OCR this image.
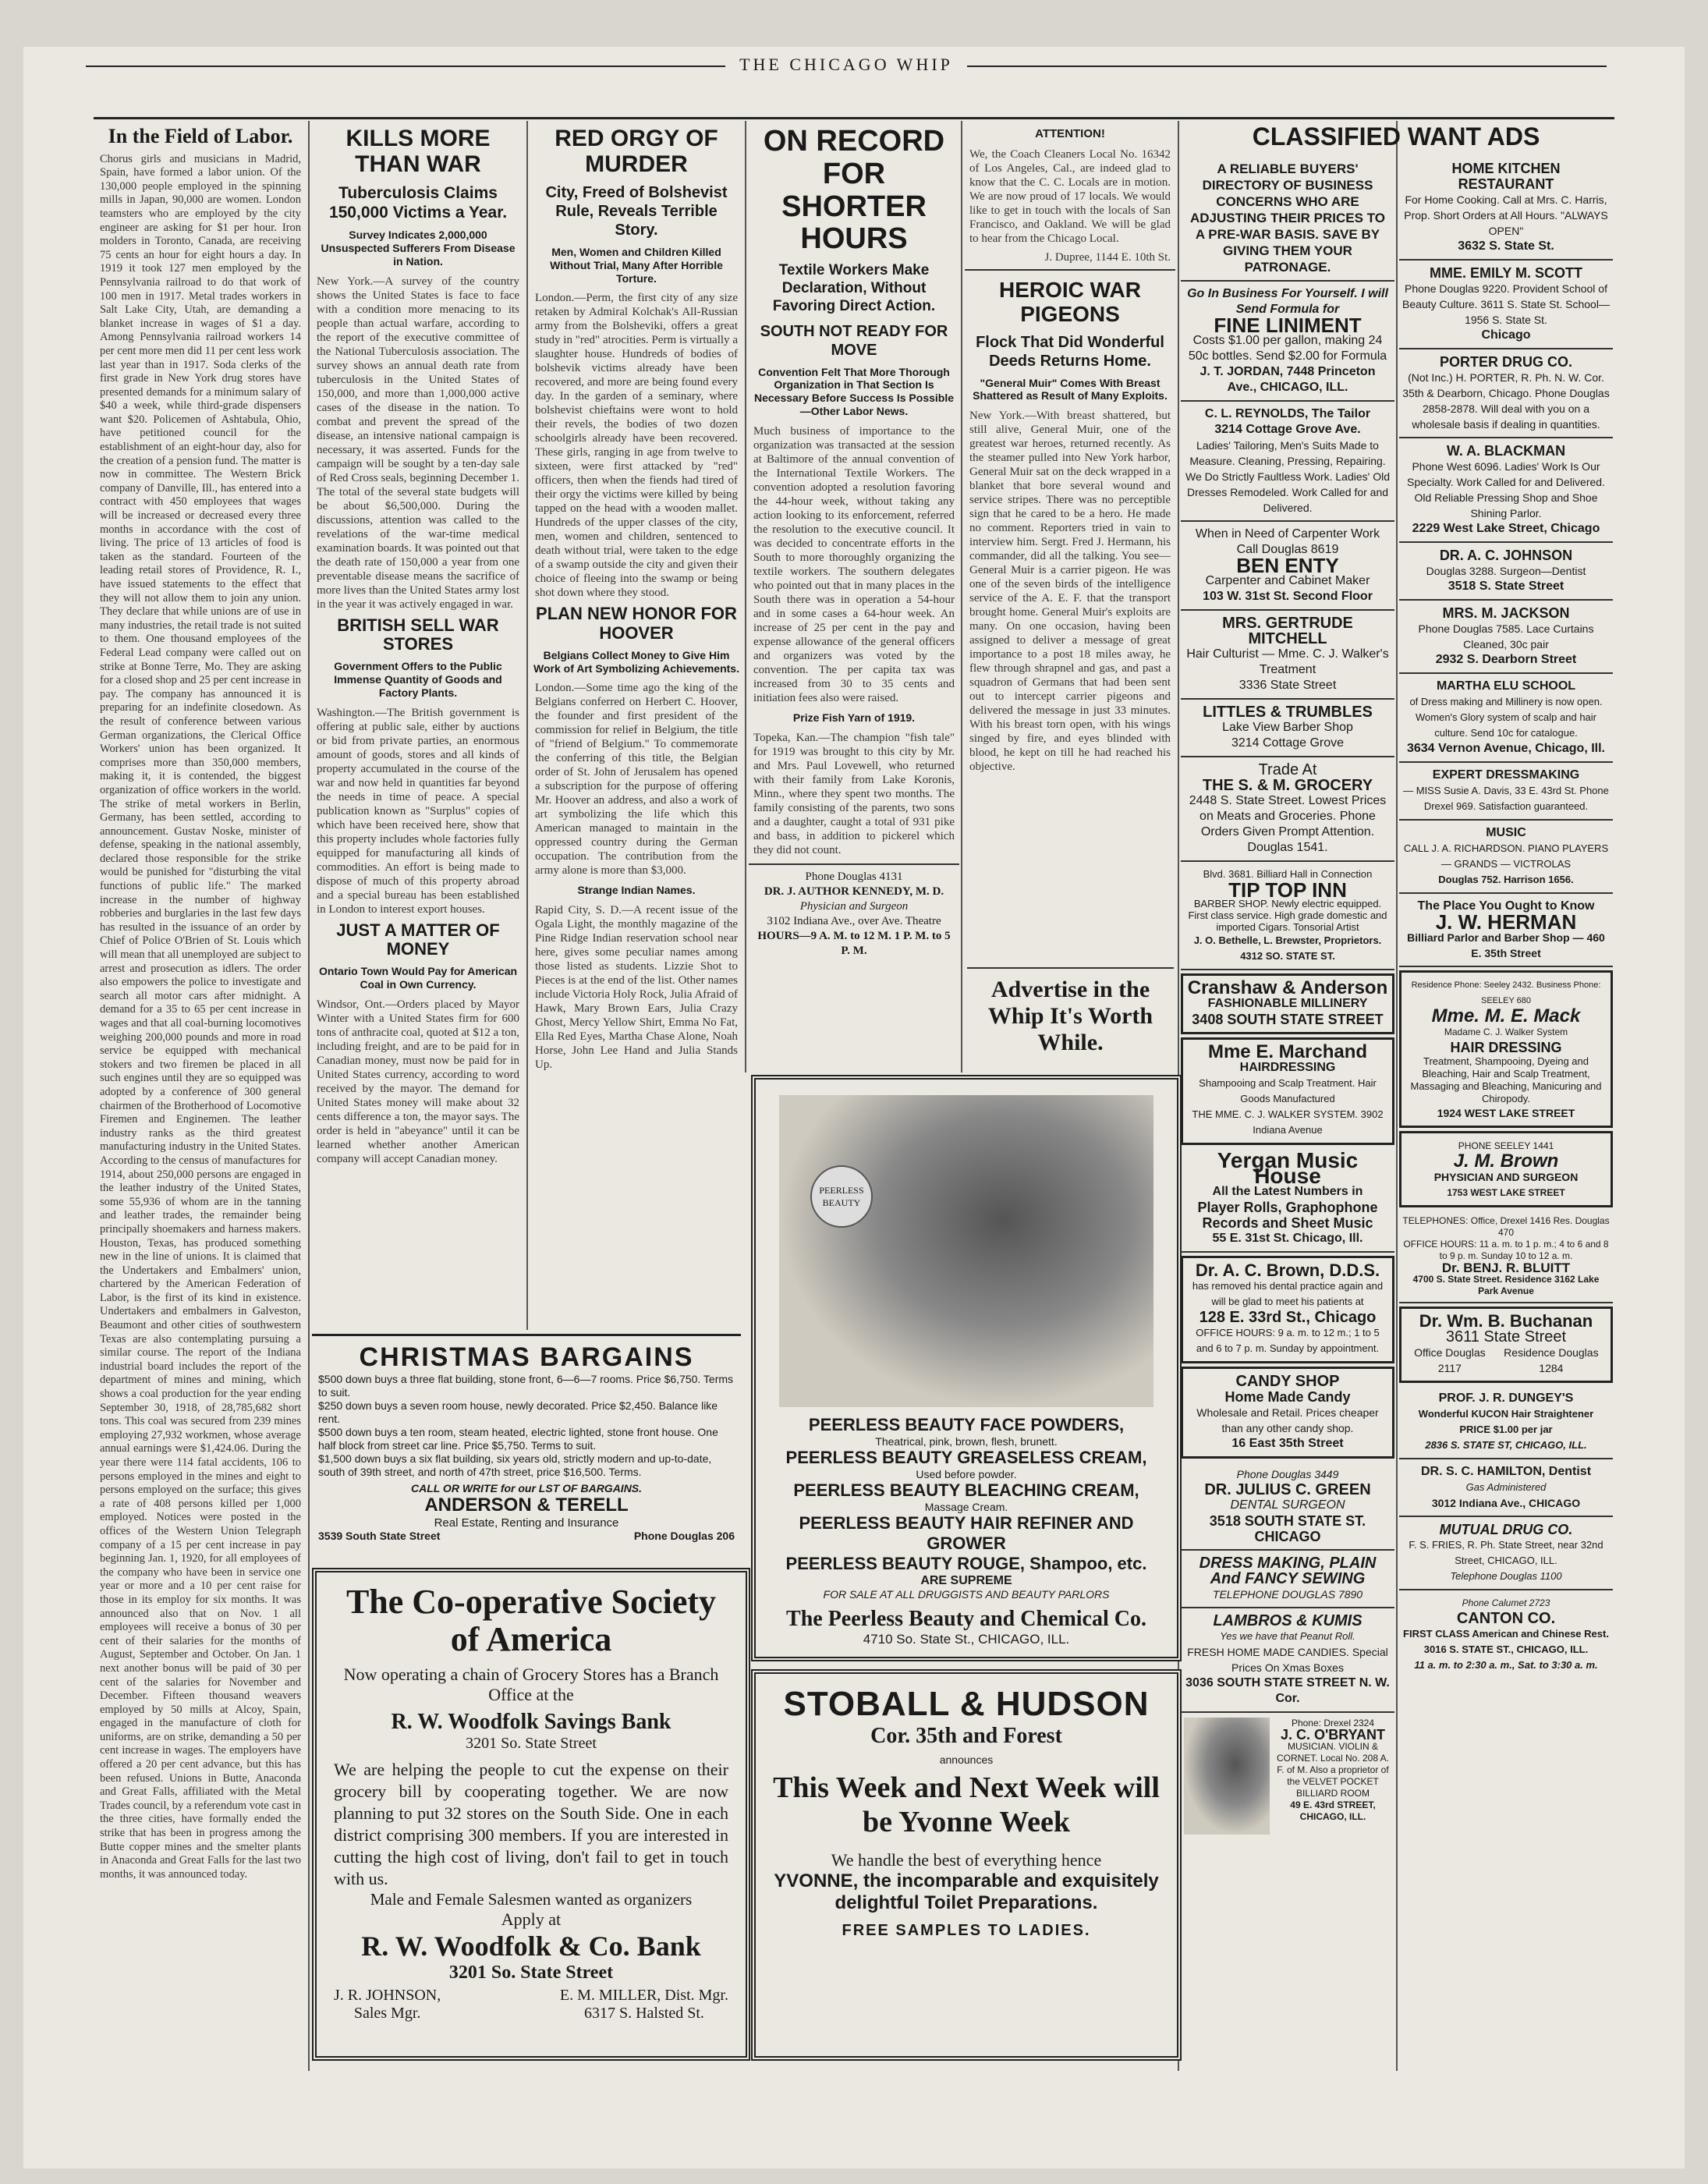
THE CHICAGO WHIP
In the Field of Labor.
Chorus girls and musicians in Madrid, Spain, have formed a labor union. Of the 130,000 people employed in the spinning mills in Japan, 90,000 are women. London teamsters who are employed by the city engineer are asking for $1 per hour. Iron molders in Toronto, Canada, are receiving 75 cents an hour for eight hours a day. In 1919 it took 127 men employed by the Pennsylvania railroad to do that work of 100 men in 1917. Metal trades workers in Salt Lake City, Utah, are demanding a blanket increase in wages of $1 a day. Among Pennsylvania railroad workers 14 per cent more men did 11 per cent less work last year than in 1917. Soda clerks of the first grade in New York drug stores have presented demands for a minimum salary of $40 a week, while third-grade dispensers want $20. Policemen of Ashtabula, Ohio, have petitioned council for the establishment of an eight-hour day, also for the creation of a pension fund. The matter is now in committee. The Western Brick company of Danville, Ill., has entered into a contract with 450 employees that wages will be increased or decreased every three months in accordance with the cost of living. The price of 13 articles of food is taken as the standard. Fourteen of the leading retail stores of Providence, R. I., have issued statements to the effect that they will not allow them to join any union. They declare that while unions are of use in many industries, the retail trade is not suited to them. One thousand employees of the Federal Lead company were called out on strike at Bonne Terre, Mo. They are asking for a closed shop and 25 per cent increase in pay. The company has announced it is preparing for an indefinite closedown. As the result of conference between various German organizations, the Clerical Office Workers' union has been organized. It comprises more than 350,000 members, making it, it is contended, the biggest organization of office workers in the world. The strike of metal workers in Berlin, Germany, has been settled, according to announcement. Gustav Noske, minister of defense, speaking in the national assembly, declared those responsible for the strike would be punished for "disturbing the vital functions of public life." The marked increase in the number of highway robberies and burglaries in the last few days has resulted in the issuance of an order by Chief of Police O'Brien of St. Louis which will mean that all unemployed are subject to arrest and prosecution as idlers. The order also empowers the police to investigate and search all motor cars after midnight. A demand for a 35 to 65 per cent increase in wages and that all coal-burning locomotives weighing 200,000 pounds and more in road service be equipped with mechanical stokers and two firemen be placed in all such engines until they are so equipped was adopted by a conference of 300 general chairmen of the Brotherhood of Locomotive Firemen and Enginemen. The leather industry ranks as the third greatest manufacturing industry in the United States. According to the census of manufactures for 1914, about 250,000 persons are engaged in the leather industry of the United States, some 55,936 of whom are in the tanning and leather trades, the remainder being principally shoemakers and harness makers. Houston, Texas, has produced something new in the line of unions. It is claimed that the Undertakers and Embalmers' union, chartered by the American Federation of Labor, is the first of its kind in existence. Undertakers and embalmers in Galveston, Beaumont and other cities of southwestern Texas are also contemplating pursuing a similar course. The report of the Indiana industrial board includes the report of the department of mines and mining, which shows a coal production for the year ending September 30, 1918, of 28,785,682 short tons. This coal was secured from 239 mines employing 27,932 workmen, whose average annual earnings were $1,424.06. During the year there were 114 fatal accidents, 106 to persons employed in the mines and eight to persons employed on the surface; this gives a rate of 408 persons killed per 1,000 employed. Notices were posted in the offices of the Western Union Telegraph company of a 15 per cent increase in pay beginning Jan. 1, 1920, for all employees of the company who have been in service one year or more and a 10 per cent raise for those in its employ for six months. It was announced also that on Nov. 1 all employees will receive a bonus of 30 per cent of their salaries for the months of August, September and October. On Jan. 1 next another bonus will be paid of 30 per cent of the salaries for November and December. Fifteen thousand weavers employed by 50 mills at Alcoy, Spain, engaged in the manufacture of cloth for uniforms, are on strike, demanding a 50 per cent increase in wages. The employers have offered a 20 per cent advance, but this has been refused. Unions in Butte, Anaconda and Great Falls, affiliated with the Metal Trades council, by a referendum vote cast in the three cities, have formally ended the strike that has been in progress among the Butte copper mines and the smelter plants in Anaconda and Great Falls for the last two months, it was announced today.
KILLS MORE THAN WAR
Tuberculosis Claims 150,000 Victims a Year.
Survey Indicates 2,000,000 Unsuspected Sufferers From Disease in Nation.
New York.—A survey of the country shows the United States is face to face with a condition more menacing to its people than actual warfare, according to the report of the executive committee of the National Tuberculosis association. The survey shows an annual death rate from tuberculosis in the United States of 150,000, and more than 1,000,000 active cases of the disease in the nation. To combat and prevent the spread of the disease, an intensive national campaign is necessary, it was asserted. Funds for the campaign will be sought by a ten-day sale of Red Cross seals, beginning December 1. The total of the several state budgets will be about $6,500,000. During the discussions, attention was called to the revelations of the war-time medical examination boards. It was pointed out that the death rate of 150,000 a year from one preventable disease means the sacrifice of more lives than the United States army lost in the year it was actively engaged in war.
BRITISH SELL WAR STORES
Government Offers to the Public Immense Quantity of Goods and Factory Plants.
Washington.—The British government is offering at public sale, either by auctions or bid from private parties, an enormous amount of goods, stores and all kinds of property accumulated in the course of the war and now held in quantities far beyond the needs in time of peace. A special publication known as "Surplus" copies of which have been received here, show that this property includes whole factories fully equipped for manufacturing all kinds of commodities. An effort is being made to dispose of much of this property abroad and a special bureau has been established in London to interest export houses.
JUST A MATTER OF MONEY
Ontario Town Would Pay for American Coal in Own Currency.
Windsor, Ont.—Orders placed by Mayor Winter with a United States firm for 600 tons of anthracite coal, quoted at $12 a ton, including freight, and are to be paid for in Canadian money, must now be paid for in United States currency, according to word received by the mayor. The demand for United States money will make about 32 cents difference a ton, the mayor says. The order is held in "abeyance" until it can be learned whether another American company will accept Canadian money.
RED ORGY OF MURDER
City, Freed of Bolshevist Rule, Reveals Terrible Story.
Men, Women and Children Killed Without Trial, Many After Horrible Torture.
London.—Perm, the first city of any size retaken by Admiral Kolchak's All-Russian army from the Bolsheviki, offers a great study in "red" atrocities. Perm is virtually a slaughter house. Hundreds of bodies of bolshevik victims already have been recovered, and more are being found every day. In the garden of a seminary, where bolshevist chieftains were wont to hold their revels, the bodies of two dozen schoolgirls already have been recovered. These girls, ranging in age from twelve to sixteen, were first attacked by "red" officers, then when the fiends had tired of their orgy the victims were killed by being tapped on the head with a wooden mallet. Hundreds of the upper classes of the city, men, women and children, sentenced to death without trial, were taken to the edge of a swamp outside the city and given their choice of fleeing into the swamp or being shot down where they stood.
PLAN NEW HONOR FOR HOOVER
Belgians Collect Money to Give Him Work of Art Symbolizing Achievements.
London.—Some time ago the king of the Belgians conferred on Herbert C. Hoover, the founder and first president of the commission for relief in Belgium, the title of "friend of Belgium." To commemorate the conferring of this title, the Belgian order of St. John of Jerusalem has opened a subscription for the purpose of offering Mr. Hoover an address, and also a work of art symbolizing the life which this American managed to maintain in the oppressed country during the German occupation. The contribution from the army alone is more than $3,000.
Strange Indian Names.
Rapid City, S. D.—A recent issue of the Ogala Light, the monthly magazine of the Pine Ridge Indian reservation school near here, gives some peculiar names among those listed as students. Lizzie Shot to Pieces is at the end of the list. Other names include Victoria Holy Rock, Julia Afraid of Hawk, Mary Brown Ears, Julia Crazy Ghost, Mercy Yellow Shirt, Emma No Fat, Ella Red Eyes, Martha Chase Alone, Noah Horse, John Lee Hand and Julia Stands Up.
ON RECORD FOR SHORTER HOURS
Textile Workers Make Declaration, Without Favoring Direct Action.
SOUTH NOT READY FOR MOVE
Convention Felt That More Thorough Organization in That Section Is Necessary Before Success Is Possible—Other Labor News.
Much business of importance to the organization was transacted at the session at Baltimore of the annual convention of the International Textile Workers. The convention adopted a resolution favoring the 44-hour week, without taking any action looking to its enforcement, referred the resolution to the executive council. It was decided to concentrate efforts in the South to more thoroughly organizing the textile workers. The southern delegates who pointed out that in many places in the South there was in operation a 54-hour and in some cases a 64-hour week. An increase of 25 per cent in the pay and expense allowance of the general officers and organizers was voted by the convention. The per capita tax was increased from 30 to 35 cents and initiation fees also were raised.
Prize Fish Yarn of 1919.
Topeka, Kan.—The champion "fish tale" for 1919 was brought to this city by Mr. and Mrs. Paul Lovewell, who returned with their family from Lake Koronis, Minn., where they spent two months. The family consisting of the parents, two sons and a daughter, caught a total of 931 pike and bass, in addition to pickerel which they did not count.
Phone Douglas 4131
DR. J. AUTHOR KENNEDY, M. D.
Physician and Surgeon
3102 Indiana Ave., over Ave. Theatre
HOURS—9 A. M. to 12 M. 1 P. M. to 5 P. M.
ATTENTION!
We, the Coach Cleaners Local No. 16342 of Los Angeles, Cal., are indeed glad to know that the C. C. Locals are in motion. We are now proud of 17 locals. We would like to get in touch with the locals of San Francisco, and Oakland. We will be glad to hear from the Chicago Local.
J. Dupree, 1144 E. 10th St.
HEROIC WAR PIGEONS
Flock That Did Wonderful Deeds Returns Home.
"General Muir" Comes With Breast Shattered as Result of Many Exploits.
New York.—With breast shattered, but still alive, General Muir, one of the greatest war heroes, returned recently. As the steamer pulled into New York harbor, General Muir sat on the deck wrapped in a blanket that bore several wound and service stripes. There was no perceptible sign that he cared to be a hero. He made no comment. Reporters tried in vain to interview him. Sergt. Fred J. Hermann, his commander, did all the talking. You see—General Muir is a carrier pigeon. He was one of the seven birds of the intelligence service of the A. E. F. that the transport brought home. General Muir's exploits are many. On one occasion, having been assigned to deliver a message of great importance to a post 18 miles away, he flew through shrapnel and gas, and past a squadron of Germans that had been sent out to intercept carrier pigeons and delivered the message in just 33 minutes. With his breast torn open, with his wings singed by fire, and eyes blinded with blood, he kept on till he had reached his objective.
Advertise in the Whip It's Worth While.
PEERLESS BEAUTY
PEERLESS BEAUTY FACE POWDERS,
Theatrical, pink, brown, flesh, brunett.
PEERLESS BEAUTY GREASELESS CREAM,
Used before powder.
PEERLESS BEAUTY BLEACHING CREAM,
Massage Cream.
PEERLESS BEAUTY HAIR REFINER AND GROWER
PEERLESS BEAUTY ROUGE, Shampoo, etc.
ARE SUPREME
FOR SALE AT ALL DRUGGISTS AND BEAUTY PARLORS
The Peerless Beauty and Chemical Co.
4710 So. State St., CHICAGO, ILL.
STOBALL & HUDSON
Cor. 35th and Forest
announces
This Week and Next Week will be Yvonne Week
We handle the best of everything hence
YVONNE, the incomparable and exquisitely delightful Toilet Preparations.
FREE SAMPLES TO LADIES.
CHRISTMAS BARGAINS
$500 down buys a three flat building, stone front, 6—6—7 rooms. Price $6,750. Terms to suit.
$250 down buys a seven room house, newly decorated. Price $2,450. Balance like rent.
$500 down buys a ten room, steam heated, electric lighted, stone front house. One half block from street car line. Price $5,750. Terms to suit.
$1,500 down buys a six flat building, six years old, strictly modern and up-to-date, south of 39th street, and north of 47th street, price $16,500. Terms.
CALL OR WRITE for our LST OF BARGAINS.
ANDERSON & TERELL
Real Estate, Renting and Insurance
3539 South State Street	Phone Douglas 206
The Co-operative Society of America
Now operating a chain of Grocery Stores has a Branch Office at the
R. W. Woodfolk Savings Bank
3201 So. State Street
We are helping the people to cut the expense on their grocery bill by cooperating together. We are now planning to put 32 stores on the South Side. One in each district comprising 300 members. If you are interested in cutting the high cost of living, don't fail to get in touch with us.
Male and Female Salesmen wanted as organizers
Apply at
R. W. Woodfolk & Co. Bank
3201 So. State Street
J. R. JOHNSON,
Sales Mgr.
E. M. MILLER, Dist. Mgr.
6317 S. Halsted St.
CLASSIFIED WANT ADS
A RELIABLE BUYERS' DIRECTORY OF BUSINESS CONCERNS WHO ARE ADJUSTING THEIR PRICES TO A PRE-WAR BASIS. SAVE BY GIVING THEM YOUR PATRONAGE.
Go In Business For Yourself. I will Send Formula for
FINE LINIMENT
Costs $1.00 per gallon, making 24 50c bottles. Send $2.00 for Formula
J. T. JORDAN, 7448 Princeton Ave., CHICAGO, ILL.
C. L. REYNOLDS, The Tailor
3214 Cottage Grove Ave.
Ladies' Tailoring, Men's Suits Made to Measure. Cleaning, Pressing, Repairing. We Do Strictly Faultless Work. Ladies' Old Dresses Remodeled. Work Called for and Delivered.
When in Need of Carpenter Work Call Douglas 8619
BEN ENTY
Carpenter and Cabinet Maker
103 W. 31st St. Second Floor
MRS. GERTRUDE MITCHELL
Hair Culturist — Mme. C. J. Walker's Treatment
3336 State Street
LITTLES & TRUMBLES
Lake View Barber Shop
3214 Cottage Grove
Trade At
THE S. & M. GROCERY
2448 S. State Street. Lowest Prices on Meats and Groceries. Phone Orders Given Prompt Attention.
Douglas 1541.
Blvd. 3681. Billiard Hall in Connection
TIP TOP INN
BARBER SHOP. Newly electric equipped. First class service. High grade domestic and imported Cigars. Tonsorial Artist
J. O. Bethelle, L. Brewster, Proprietors. 4312 SO. STATE ST.
Cranshaw & Anderson
FASHIONABLE MILLINERY
3408 SOUTH STATE STREET
Mme E. Marchand
HAIRDRESSING
Shampooing and Scalp Treatment. Hair Goods Manufactured
THE MME. C. J. WALKER SYSTEM. 3902 Indiana Avenue
Yergan Music House
All the Latest Numbers in
Player Rolls, Graphophone Records and Sheet Music
55 E. 31st St. Chicago, Ill.
Dr. A. C. Brown, D.D.S.
has removed his dental practice again and will be glad to meet his patients at
128 E. 33rd St., Chicago
OFFICE HOURS: 9 a. m. to 12 m.; 1 to 5 and 6 to 7 p. m. Sunday by appointment.
CANDY SHOP
Home Made Candy
Wholesale and Retail. Prices cheaper than any other candy shop.
16 East 35th Street
Phone Douglas 3449
DR. JULIUS C. GREEN
DENTAL SURGEON
3518 SOUTH STATE ST. CHICAGO
DRESS MAKING, PLAIN And FANCY SEWING
TELEPHONE DOUGLAS 7890
LAMBROS & KUMIS
Yes we have that Peanut Roll.
FRESH HOME MADE CANDIES. Special Prices On Xmas Boxes
3036 SOUTH STATE STREET N. W. Cor.
Phone: Drexel 2324
J. C. O'BRYANT
MUSICIAN. VIOLIN & CORNET. Local No. 208 A. F. of M. Also a proprietor of the VELVET POCKET BILLIARD ROOM
49 E. 43rd STREET, CHICAGO, ILL.
HOME KITCHEN RESTAURANT
For Home Cooking. Call at Mrs. C. Harris, Prop. Short Orders at All Hours. "ALWAYS OPEN"
3632 S. State St.
MME. EMILY M. SCOTT
Phone Douglas 9220. Provident School of Beauty Culture. 3611 S. State St. School—1956 S. State St.
Chicago
PORTER DRUG CO.
(Not Inc.) H. PORTER, R. Ph. N. W. Cor. 35th & Dearborn, Chicago. Phone Douglas 2858-2878. Will deal with you on a wholesale basis if dealing in quantities.
W. A. BLACKMAN
Phone West 6096. Ladies' Work Is Our Specialty. Work Called for and Delivered. Old Reliable Pressing Shop and Shoe Shining Parlor.
2229 West Lake Street, Chicago
DR. A. C. JOHNSON
Douglas 3288. Surgeon—Dentist
3518 S. State Street
MRS. M. JACKSON
Phone Douglas 7585. Lace Curtains Cleaned, 30c pair
2932 S. Dearborn Street
MARTHA ELU SCHOOL
of Dress making and Millinery is now open. Women's Glory system of scalp and hair culture. Send 10c for catalogue.
3634 Vernon Avenue, Chicago, Ill.
EXPERT DRESSMAKING
— MISS Susie A. Davis, 33 E. 43rd St. Phone Drexel 969. Satisfaction guaranteed.
MUSIC
CALL J. A. RICHARDSON. PIANO PLAYERS — GRANDS — VICTROLAS
Douglas 752. Harrison 1656.
The Place You Ought to Know
J. W. HERMAN
Billiard Parlor and Barber Shop — 460 E. 35th Street
Residence Phone: Seeley 2432. Business Phone: SEELEY 680
Mme. M. E. Mack
Madame C. J. Walker System
HAIR DRESSING
Treatment, Shampooing, Dyeing and Bleaching, Hair and Scalp Treatment, Massaging and Bleaching, Manicuring and Chiropody.
1924 WEST LAKE STREET
PHONE SEELEY 1441
J. M. Brown
PHYSICIAN AND SURGEON
1753 WEST LAKE STREET
TELEPHONES: Office, Drexel 1416 Res. Douglas 470
OFFICE HOURS: 11 a. m. to 1 p. m.; 4 to 6 and 8 to 9 p. m. Sunday 10 to 12 a. m.
Dr. BENJ. R. BLUITT
4700 S. State Street. Residence 3162 Lake Park Avenue
Dr. Wm. B. Buchanan
3611 State Street
Office Douglas 2117
Residence Douglas 1284
PROF. J. R. DUNGEY'S
Wonderful KUCON Hair Straightener PRICE $1.00 per jar
2836 S. STATE ST, CHICAGO, ILL.
DR. S. C. HAMILTON, Dentist
Gas Administered
3012 Indiana Ave., CHICAGO
MUTUAL DRUG CO.
F. S. FRIES, R. Ph. State Street, near 32nd Street, CHICAGO, ILL.
Telephone Douglas 1100
Phone Calumet 2723
CANTON CO.
FIRST CLASS American and Chinese Rest. 3016 S. STATE ST., CHICAGO, ILL.
11 a. m. to 2:30 a. m., Sat. to 3:30 a. m.
